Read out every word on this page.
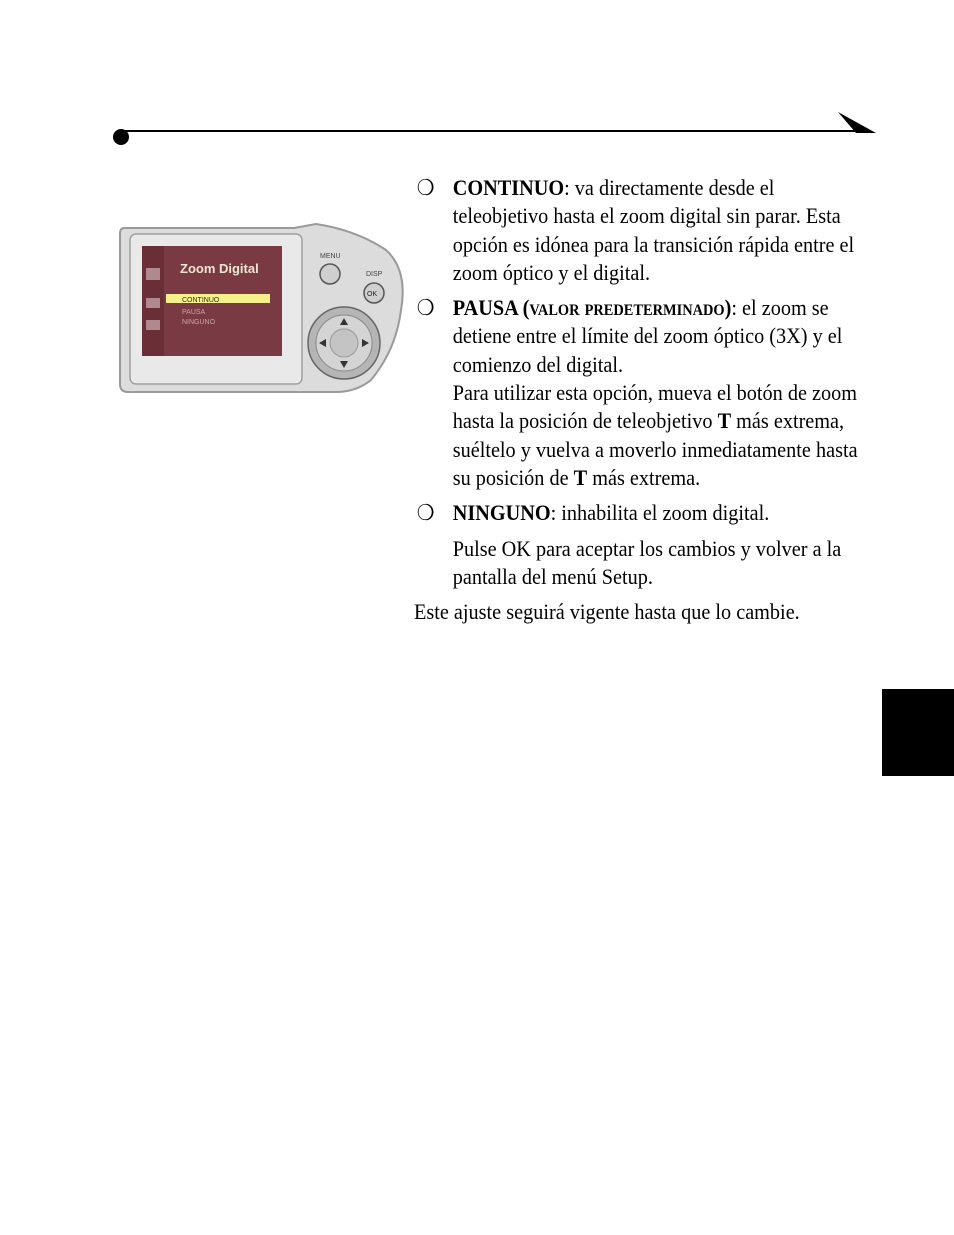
Zoom Digital
CONTINUO
PAUSA
NINGUNO
MENU
DISP
OK
❍ CONTINUO: va directamente desde el teleobjetivo hasta el zoom digital sin parar. Esta opción es idónea para la transición rápida entre el zoom óptico y el digital.
❍ PAUSA (valor predeterminado): el zoom se detiene entre el límite del zoom óptico (3X) y el comienzo del digital.
Para utilizar esta opción, mueva el botón de zoom hasta la posición de teleobjetivo T más extrema, suéltelo y vuelva a moverlo inmediatamente hasta su posición de T más extrema.
❍ NINGUNO: inhabilita el zoom digital.
Pulse OK para aceptar los cambios y volver a la pantalla del menú Setup.
Este ajuste seguirá vigente hasta que lo cambie.
